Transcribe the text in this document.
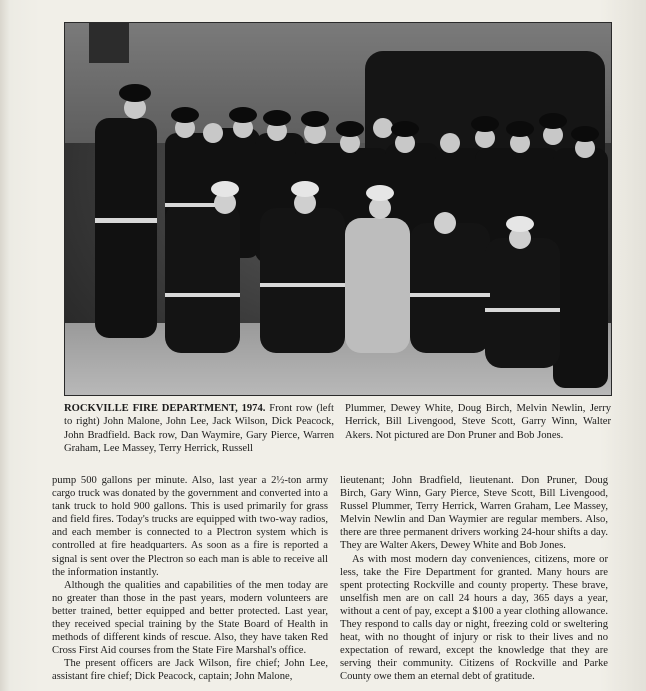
ROCKVILLE FIRE DEPARTMENT, 1974. Front row (left to right) John Malone, John Lee, Jack Wilson, Dick Peacock, John Bradfield. Back row, Dan Waymire, Gary Pierce, Warren Graham, Lee Massey, Terry Herrick, Russell
Plummer, Dewey White, Doug Birch, Melvin Newlin, Jerry Herrick, Bill Livengood, Steve Scott, Garry Winn, Walter Akers. Not pictured are Don Pruner and Bob Jones.

pump 500 gallons per minute. Also, last year a 2½-ton army cargo truck was donated by the government and converted into a tank truck to hold 900 gallons. This is used primarily for grass and field fires. Today's trucks are equipped with two-way radios, and each member is connected to a Plectron system which is controlled at fire headquarters. As soon as a fire is reported a signal is sent over the Plectron so each man is able to receive all the information instantly.

Although the qualities and capabilities of the men today are no greater than those in the past years, modern volunteers are better trained, better equipped and better protected. Last year, they received special training by the State Board of Health in methods of different kinds of rescue. Also, they have taken Red Cross First Aid courses from the State Fire Marshal's office.

The present officers are Jack Wilson, fire chief; John Lee, assistant fire chief; Dick Peacock, captain; John Malone,

lieutenant; John Bradfield, lieutenant. Don Pruner, Doug Birch, Gary Winn, Gary Pierce, Steve Scott, Bill Livengood, Russel Plummer, Terry Herrick, Warren Graham, Lee Massey, Melvin Newlin and Dan Waymier are regular members. Also, there are three permanent drivers working 24-hour shifts a day. They are Walter Akers, Dewey White and Bob Jones.

As with most modern day conveniences, citizens, more or less, take the Fire Department for granted. Many hours are spent protecting Rockville and county property. These brave, unselfish men are on call 24 hours a day, 365 days a year, without a cent of pay, except a $100 a year clothing allowance. They respond to calls day or night, freezing cold or sweltering heat, with no thought of injury or risk to their lives and no expectation of reward, except the knowledge that they are serving their community. Citizens of Rockville and Parke County owe them an eternal debt of gratitude.
